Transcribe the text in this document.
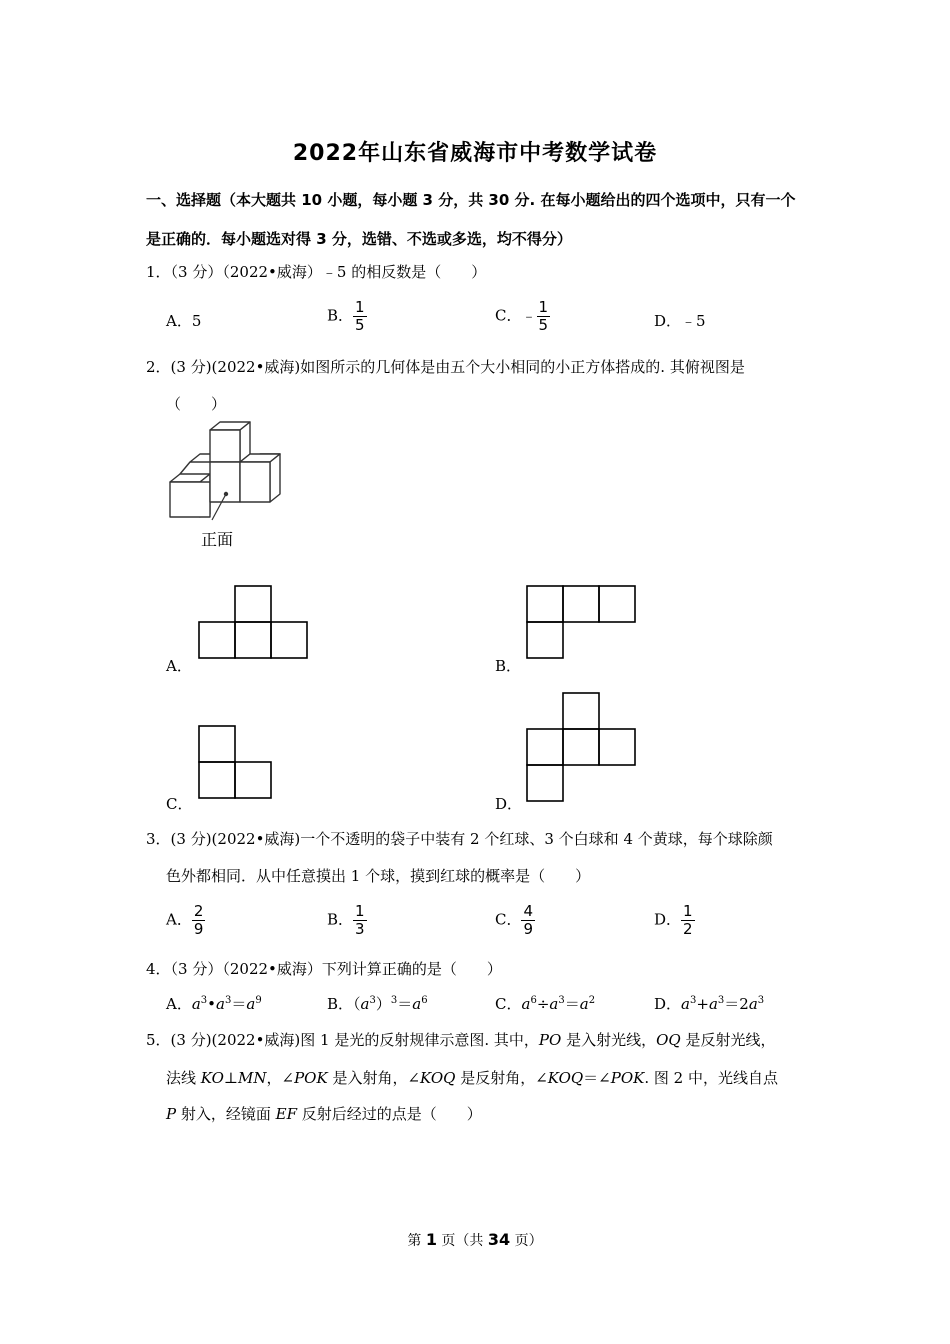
2022年山东省威海市中考数学试卷
一、选择题（本大题共 10 小题，每小题 3 分，共 30 分. 在每小题给出的四个选项中，只有一个
是正确的．每小题选对得 3 分，选错、不选或多选，均不得分）
1．（3 分）（2022•威海）﹣5 的相反数是（　　）
A．5	B． $\frac{1}{5}$	C．﹣ $\frac{1}{5}$	D．﹣5
2．(3 分)(2022•威海)如图所示的几何体是由五个大小相同的小正方体搭成的. 其俯视图是
（　　）
正面
A．	B．
C．	D．
3．(3 分)(2022•威海)一个不透明的袋子中装有 2 个红球、3 个白球和 4 个黄球，每个球除颜
色外都相同．从中任意摸出 1 个球，摸到红球的概率是（　　）
A． $\frac{2}{9}$	B． $\frac{1}{3}$	C． $\frac{4}{9}$	D． $\frac{1}{2}$
4．（3 分）（2022•威海）下列计算正确的是（　　）
A．$a^3•a^3=a^9$	B．$(a^3)^3=a^6$	C．$a^6\div a^3=a^2$	D．$a^3+a^3=2a^3$
5．(3 分)(2022•威海)图 1 是光的反射规律示意图. 其中，PO 是入射光线，OQ 是反射光线，
法线 KO⊥MN，∠POK 是入射角，∠KOQ 是反射角，∠KOQ＝∠POK. 图 2 中，光线自点
P 射入，经镜面 EF 反射后经过的点是（　　）
第 1 页（共 34 页）
